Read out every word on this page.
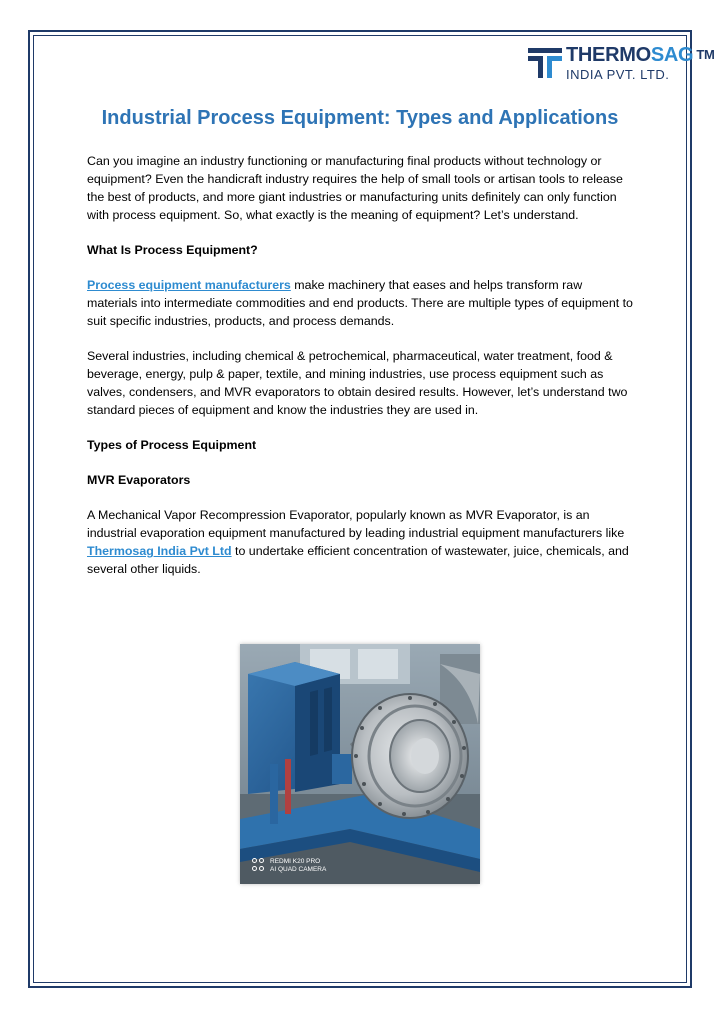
THERMOSAG ™
INDIA PVT. LTD.
Industrial Process Equipment: Types and Applications

Can you imagine an industry functioning or manufacturing final products without technology or equipment? Even the handicraft industry requires the help of small tools or artisan tools to release the best of products, and more giant industries or manufacturing units definitely can only function with process equipment. So, what exactly is the meaning of equipment? Let’s understand.

What Is Process Equipment?

Process equipment manufacturers make machinery that eases and helps transform raw materials into intermediate commodities and end products. There are multiple types of equipment to suit specific industries, products, and process demands.

Several industries, including chemical & petrochemical, pharmaceutical, water treatment, food & beverage, energy, pulp & paper, textile, and mining industries, use process equipment such as valves, condensers, and MVR evaporators to obtain desired results. However, let’s understand two standard pieces of equipment and know the industries they are used in.

Types of Process Equipment

MVR Evaporators

A Mechanical Vapor Recompression Evaporator, popularly known as MVR Evaporator, is an industrial evaporation equipment manufactured by leading industrial equipment manufacturers like Thermosag India Pvt Ltd to undertake efficient concentration of wastewater, juice, chemicals, and several other liquids.

REDMI K20 PRO
AI QUAD CAMERA
